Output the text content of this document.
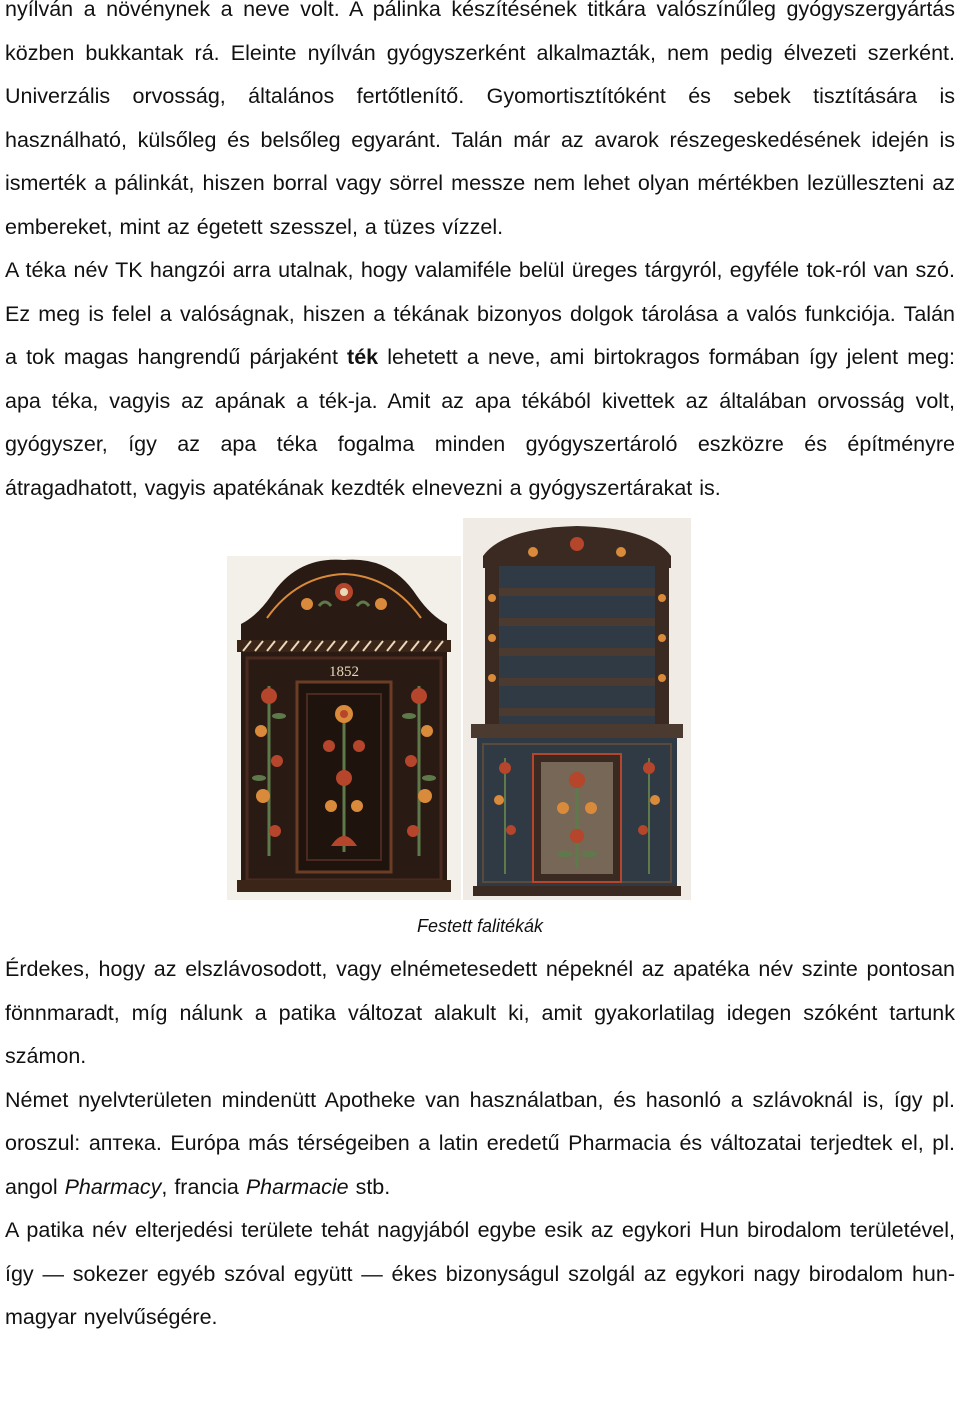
nyílván a növénynek a neve volt. A pálinka készítésének titkára valószínűleg gyógyszergyártás közben bukkantak rá. Eleinte nyílván gyógyszerként alkalmazták, nem pedig élvezeti szerként. Univerzális orvosság, általános fertőtlenítő. Gyomortisztítóként és sebek tisztítására is használható, külsőleg és belsőleg egyaránt. Talán már az avarok részegeskedésének idején is ismerték a pálinkát, hiszen borral vagy sörrel messze nem lehet olyan mértékben lezülleszteni az embereket, mint az égetett szesszel, a tüzes vízzel.

A téka név TK hangzói arra utalnak, hogy valamiféle belül üreges tárgyról, egyféle tok-ról van szó. Ez meg is felel a valóságnak, hiszen a tékának bizonyos dolgok tárolása a valós funkciója. Talán a tok magas hangrendű párjaként ték lehetett a neve, ami birtokragos formában így jelent meg: apa téka, vagyis az apának a ték-ja. Amit az apa tékából kivettek az általában orvosság volt, gyógyszer, így az apa téka fogalma minden gyógyszertároló eszközre és építményre átragadhatott, vagyis apatékának kezdték elnevezni a gyógyszertárakat is.

1852
Festett falitékák

Érdekes, hogy az elszlávosodott, vagy elnémetesedett népeknél az apatéka név szinte pontosan fönnmaradt, míg nálunk a patika változat alakult ki, amit gyakorlatilag idegen szóként tartunk számon.

Német nyelvterületen mindenütt Apotheke van használatban, és hasonló a szlávoknál is, így pl. oroszul: аптека. Európa más térségeiben a latin eredetű Pharmacia és változatai terjedtek el, pl. angol Pharmacy, francia Pharmacie stb.

A patika név elterjedési területe tehát nagyjából egybe esik az egykori Hun birodalom területével, így — sokezer egyéb szóval együtt — ékes bizonyságul szolgál az egykori nagy birodalom hun-magyar nyelvűségére.
